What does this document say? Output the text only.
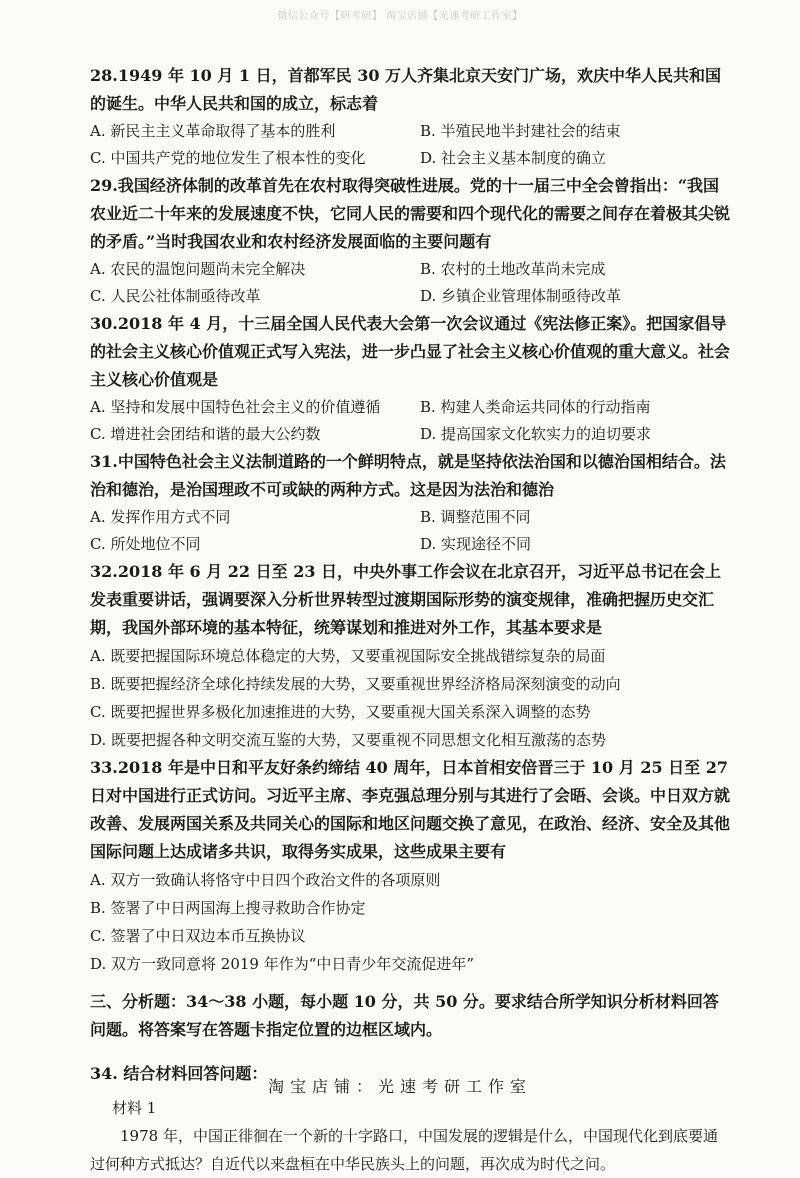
微信公众号【研考研】 淘宝店铺【光速考研工作室】

28.1949 年 10 月 1 日，首都军民 30 万人齐集北京天安门广场，欢庆中华人民共和国的诞生。中华人民共和国的成立，标志着

A. 新民主主义革命取得了基本的胜利	B. 半殖民地半封建社会的结束
C. 中国共产党的地位发生了根本性的变化	D. 社会主义基本制度的确立

29.我国经济体制的改革首先在农村取得突破性进展。党的十一届三中全会曾指出：“我国农业近二十年来的发展速度不快，它同人民的需要和四个现代化的需要之间存在着极其尖锐的矛盾。”当时我国农业和农村经济发展面临的主要问题有

A. 农民的温饱问题尚未完全解决	B. 农村的土地改革尚未完成
C. 人民公社体制亟待改革	D. 乡镇企业管理体制亟待改革

30.2018 年 4 月，十三届全国人民代表大会第一次会议通过《宪法修正案》。把国家倡导的社会主义核心价值观正式写入宪法，进一步凸显了社会主义核心价值观的重大意义。社会主义核心价值观是

A. 坚持和发展中国特色社会主义的价值遵循	B. 构建人类命运共同体的行动指南
C. 增进社会团结和谐的最大公约数	D. 提高国家文化软实力的迫切要求

31.中国特色社会主义法制道路的一个鲜明特点，就是坚持依法治国和以德治国相结合。法治和德治，是治国理政不可或缺的两种方式。这是因为法治和德治

A. 发挥作用方式不同	B. 调整范围不同
C. 所处地位不同	D. 实现途径不同

32.2018 年 6 月 22 日至 23 日，中央外事工作会议在北京召开，习近平总书记在会上发表重要讲话，强调要深入分析世界转型过渡期国际形势的演变规律，准确把握历史交汇期，我国外部环境的基本特征，统筹谋划和推进对外工作，其基本要求是

A. 既要把握国际环境总体稳定的大势，又要重视国际安全挑战错综复杂的局面
B. 既要把握经济全球化持续发展的大势，又要重视世界经济格局深刻演变的动向
C. 既要把握世界多极化加速推进的大势，又要重视大国关系深入调整的态势
D. 既要把握各种文明交流互鉴的大势，又要重视不同思想文化相互激荡的态势

33.2018 年是中日和平友好条约缔结 40 周年，日本首相安倍晋三于 10 月 25 日至 27 日对中国进行正式访问。习近平主席、李克强总理分别与其进行了会晤、会谈。中日双方就改善、发展两国关系及共同关心的国际和地区问题交换了意见，在政治、经济、安全及其他国际问题上达成诸多共识，取得务实成果，这些成果主要有

A. 双方一致确认将恪守中日四个政治文件的各项原则
B. 签署了中日两国海上搜寻救助合作协定
C. 签署了中日双边本币互换协议
D. 双方一致同意将 2019 年作为“中日青少年交流促进年”
三、分析题：34～38 小题，每小题 10 分，共 50 分。要求结合所学知识分析材料回答问题。将答案写在答题卡指定位置的边框区域内。
34. 结合材料回答问题：
材料 1

1978 年，中国正徘徊在一个新的十字路口，中国发展的逻辑是什么，中国现代化到底要通过何种方式抵达？自近代以来盘桓在中华民族头上的问题，再次成为时代之问。

淘宝店铺：光速考研工作室
